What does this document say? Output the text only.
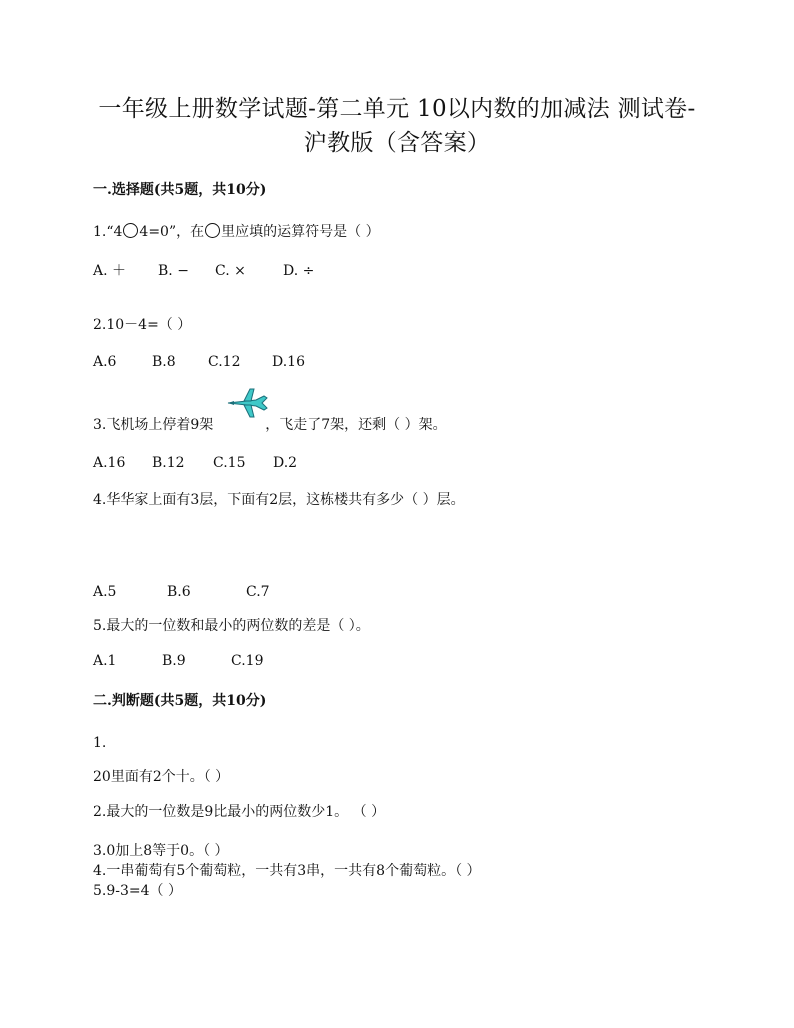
一年级上册数学试题-第二单元 10以内数的加减法 测试卷-
沪教版（含答案）
一.选择题(共5题，共10分)
1.“4 4=0”，在 里应填的运算符号是（ ）
A. ＋ B. − C. ×	D. ÷
2.10－4=（ ）
A.6	B.8 C.12 D.16
3.飞机场上停着9架	，飞走了7架，还剩（ ）架。
A.16 B.12 C.15 D.2
4.华华家上面有3层，下面有2层，这栋楼共有多少（ ）层。
A.5	B.6	C.7
5.最大的一位数和最小的两位数的差是（ ）。
A.1	B.9	C.19
二.判断题(共5题，共10分)
1.
20里面有2个十。（ ）
2.最大的一位数是9比最小的两位数少1。 （ ）
3.0加上8等于0。（ ）
4.一串葡萄有5个葡萄粒，一共有3串，一共有8个葡萄粒。（ ）
5.9-3=4（ ）
